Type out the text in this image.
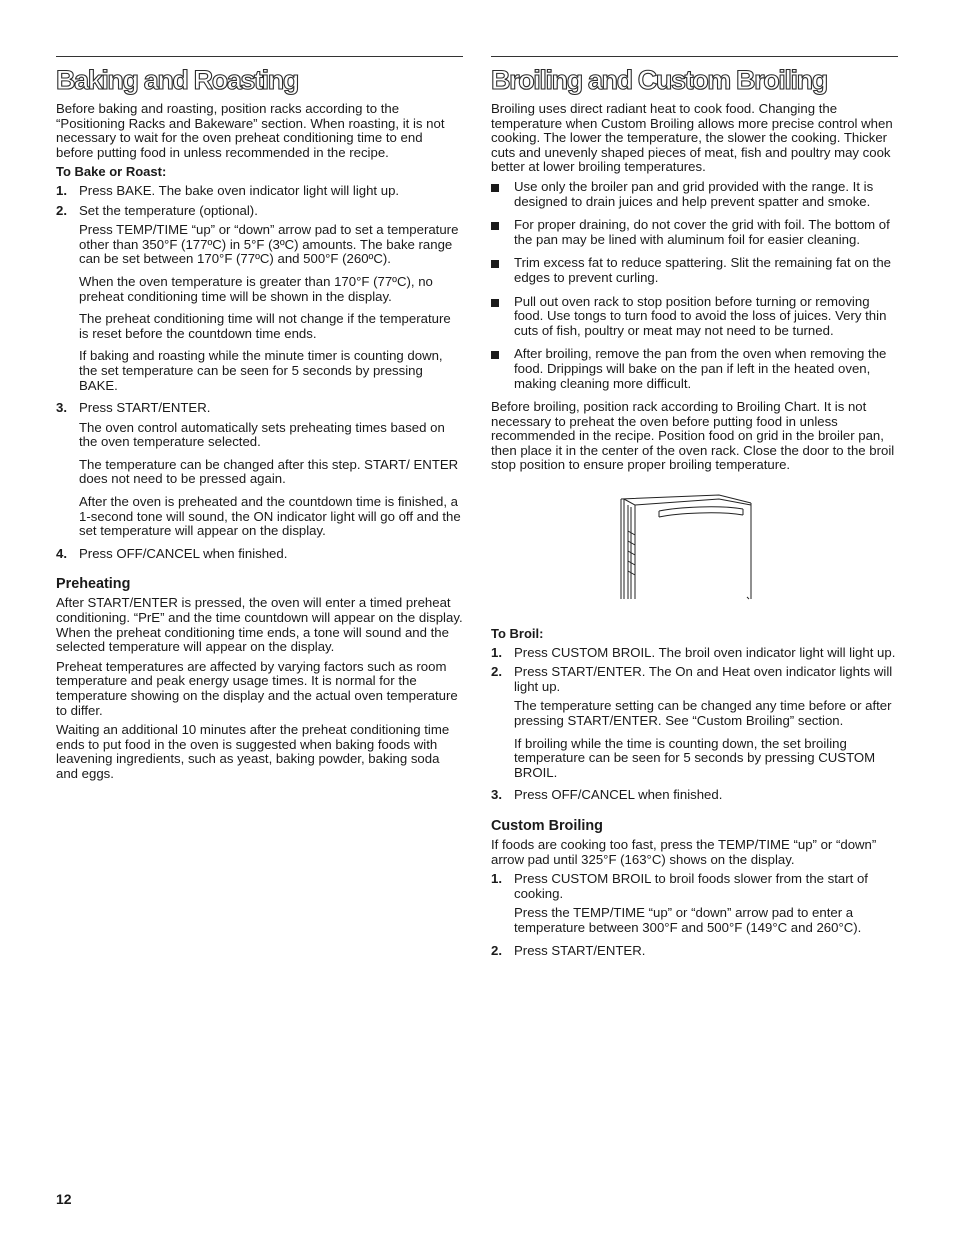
Baking and Roasting

Before baking and roasting, position racks according to the “Positioning Racks and Bakeware” section. When roasting, it is not necessary to wait for the oven preheat conditioning time to end before putting food in unless recommended in the recipe.

To Bake or Roast:
1. Press BAKE. The bake oven indicator light will light up.
2. Set the temperature (optional).
Press TEMP/TIME “up” or “down” arrow pad to set a temperature other than 350°F (177ºC) in 5°F (3ºC) amounts. The bake range can be set between 170°F (77ºC) and 500°F (260ºC).
When the oven temperature is greater than 170°F (77ºC), no preheat conditioning time will be shown in the display.
The preheat conditioning time will not change if the temperature is reset before the countdown time ends.
If baking and roasting while the minute timer is counting down, the set temperature can be seen for 5 seconds by pressing BAKE.
3. Press START/ENTER.
The oven control automatically sets preheating times based on the oven temperature selected.
The temperature can be changed after this step. START/ ENTER does not need to be pressed again.
After the oven is preheated and the countdown time is finished, a 1-second tone will sound, the ON indicator light will go off and the set temperature will appear on the display.
4. Press OFF/CANCEL when finished.
Preheating

After START/ENTER is pressed, the oven will enter a timed preheat conditioning. “PrE” and the time countdown will appear on the display. When the preheat conditioning time ends, a tone will sound and the selected temperature will appear on the display.

Preheat temperatures are affected by varying factors such as room temperature and peak energy usage times. It is normal for the temperature showing on the display and the actual oven temperature to differ.

Waiting an additional 10 minutes after the preheat conditioning time ends to put food in the oven is suggested when baking foods with leavening ingredients, such as yeast, baking powder, baking soda and eggs.

Broiling and Custom Broiling

Broiling uses direct radiant heat to cook food. Changing the temperature when Custom Broiling allows more precise control when cooking. The lower the temperature, the slower the cooking. Thicker cuts and unevenly shaped pieces of meat, fish and poultry may cook better at lower broiling temperatures.

Use only the broiler pan and grid provided with the range. It is designed to drain juices and help prevent spatter and smoke.
For proper draining, do not cover the grid with foil. The bottom of the pan may be lined with aluminum foil for easier cleaning.
Trim excess fat to reduce spattering. Slit the remaining fat on the edges to prevent curling.
Pull out oven rack to stop position before turning or removing food. Use tongs to turn food to avoid the loss of juices. Very thin cuts of fish, poultry or meat may not need to be turned.
After broiling, remove the pan from the oven when removing the food. Drippings will bake on the pan if left in the heated oven, making cleaning more difficult.

Before broiling, position rack according to Broiling Chart. It is not necessary to preheat the oven before putting food in unless recommended in the recipe. Position food on grid in the broiler pan, then place it in the center of the oven rack. Close the door to the broil stop position to ensure proper broiling temperature.

To Broil:
1. Press CUSTOM BROIL. The broil oven indicator light will light up.
2. Press START/ENTER. The On and Heat oven indicator lights will light up.
The temperature setting can be changed any time before or after pressing START/ENTER. See “Custom Broiling” section.
If broiling while the time is counting down, the set broiling temperature can be seen for 5 seconds by pressing CUSTOM BROIL.
3. Press OFF/CANCEL when finished.
Custom Broiling

If foods are cooking too fast, press the TEMP/TIME “up” or “down” arrow pad until 325°F (163°C) shows on the display.

1. Press CUSTOM BROIL to broil foods slower from the start of cooking.
Press the TEMP/TIME “up” or “down” arrow pad to enter a temperature between 300°F and 500°F (149°C and 260°C).
2. Press START/ENTER.
12
